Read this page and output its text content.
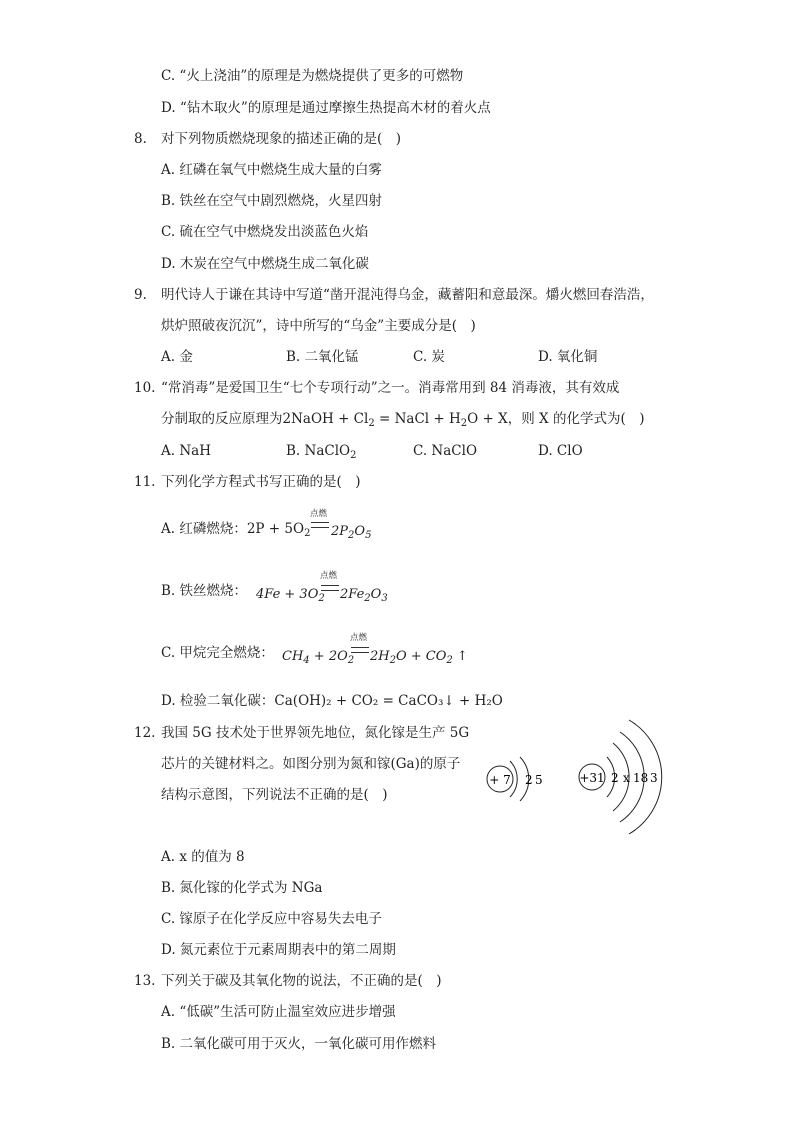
C. “火上浇油”的原理是为燃烧提供了更多的可燃物
D. “钻木取火”的原理是通过摩擦生热提高木材的着火点
8. 对下列物质燃烧现象的描述正确的是(　)
A. 红磷在氧气中燃烧生成大量的白雾
B. 铁丝在空气中剧烈燃烧，火星四射
C. 硫在空气中燃烧发出淡蓝色火焰
D. 木炭在空气中燃烧生成二氧化碳
9. 明代诗人于谦在其诗中写道“凿开混沌得乌金，藏蓄阳和意最深。爝火燃回春浩浩，
烘炉照破夜沉沉”，诗中所写的“乌金”主要成分是(　)
A. 金	B. 二氧化锰	C. 炭	D. 氧化铜
10. “常消毒”是爱国卫生“七个专项行动”之一。消毒常用到 84 消毒液，其有效成
分制取的反应原理为2NaOH + $Cl_2$ = NaCl + $H_2O + X$，则 X 的化学式为(　)
A. NaH	B. NaClO$_2$	C. NaClO	D. ClO
11. 下列化学方程式书写正确的是(　)
A. 红磷燃烧：$2P + 5O_2$
点燃
$2P_2O_5$
B. 铁丝燃烧： $4Fe + 3O_2$
点燃
$2Fe_2O_3$
C. 甲烷完全燃烧： $CH_4 + 2O_2$
点燃
$2H_2O + CO_2$ ↑
D. 检验二氧化碳：Ca(OH)₂ + CO₂ = CaCO₃↓ + H₂O
12. 我国 5G 技术处于世界领先地位，氮化镓是生产 5G
芯片的关键材料之。如图分别为氮和镓(Ga)的原子
结构示意图，下列说法不正确的是(　)
+ 7 2 5	+31 2 x 18 3
A. x 的值为 8
B. 氮化镓的化学式为 NGa
C. 镓原子在化学反应中容易失去电子
D. 氮元素位于元素周期表中的第二周期
13. 下列关于碳及其氧化物的说法，不正确的是(　)
A. “低碳”生活可防止温室效应进步增强
B. 二氧化碳可用于灭火，一氧化碳可用作燃料
